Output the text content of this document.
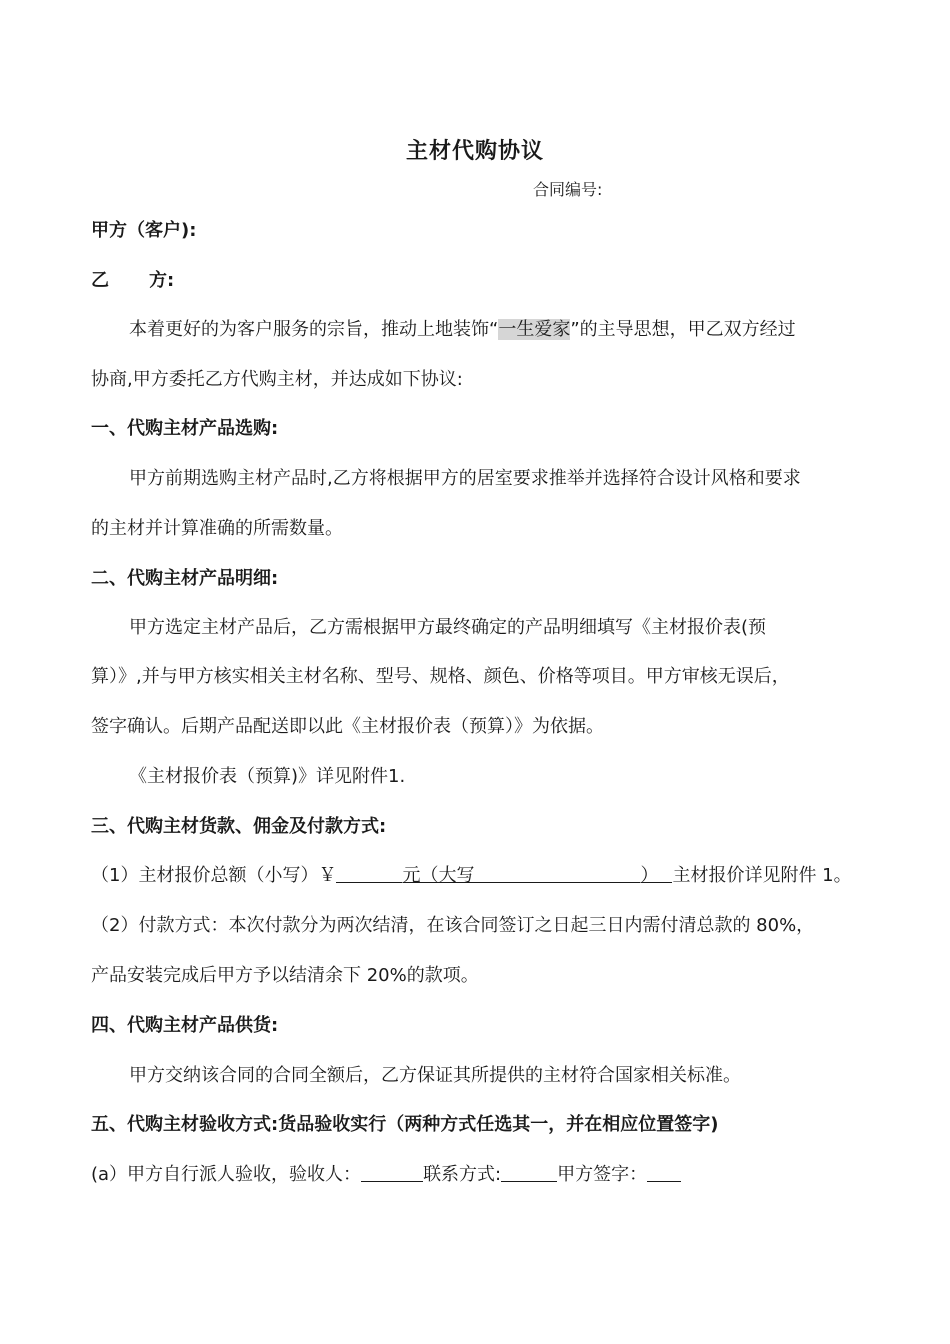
主材代购协议
合同编号:
甲方（客户):
乙 方:
本着更好的为客户服务的宗旨，推动上地装饰“一生爱家”的主导思想，甲乙双方经过
协商,甲方委托乙方代购主材，并达成如下协议:
一、代购主材产品选购:
甲方前期选购主材产品时,乙方将根据甲方的居室要求推举并选择符合设计风格和要求
的主材并计算准确的所需数量。
二、代购主材产品明细:
甲方选定主材产品后，乙方需根据甲方最终确定的产品明细填写《主材报价表(预
算）》,并与甲方核实相关主材名称、型号、规格、颜色、价格等项目。甲方审核无误后，
签字确认。后期产品配送即以此《主材报价表（预算）》为依据。
《主材报价表（预算)》详见附件1.
三、代购主材货款、佣金及付款方式:
（1）主材报价总额（小写）￥	元（大写	） 主材报价详见附件 1。
（2）付款方式：本次付款分为两次结清，在该合同签订之日起三日内需付清总款的 80%，
产品安装完成后甲方予以结清余下 20%的款项。
四、代购主材产品供货:
甲方交纳该合同的合同全额后，乙方保证其所提供的主材符合国家相关标准。
五、代购主材验收方式:货品验收实行（两种方式任选其一，并在相应位置签字)
(a）甲方自行派人验收，验收人：	联系方式:	甲方签字：
